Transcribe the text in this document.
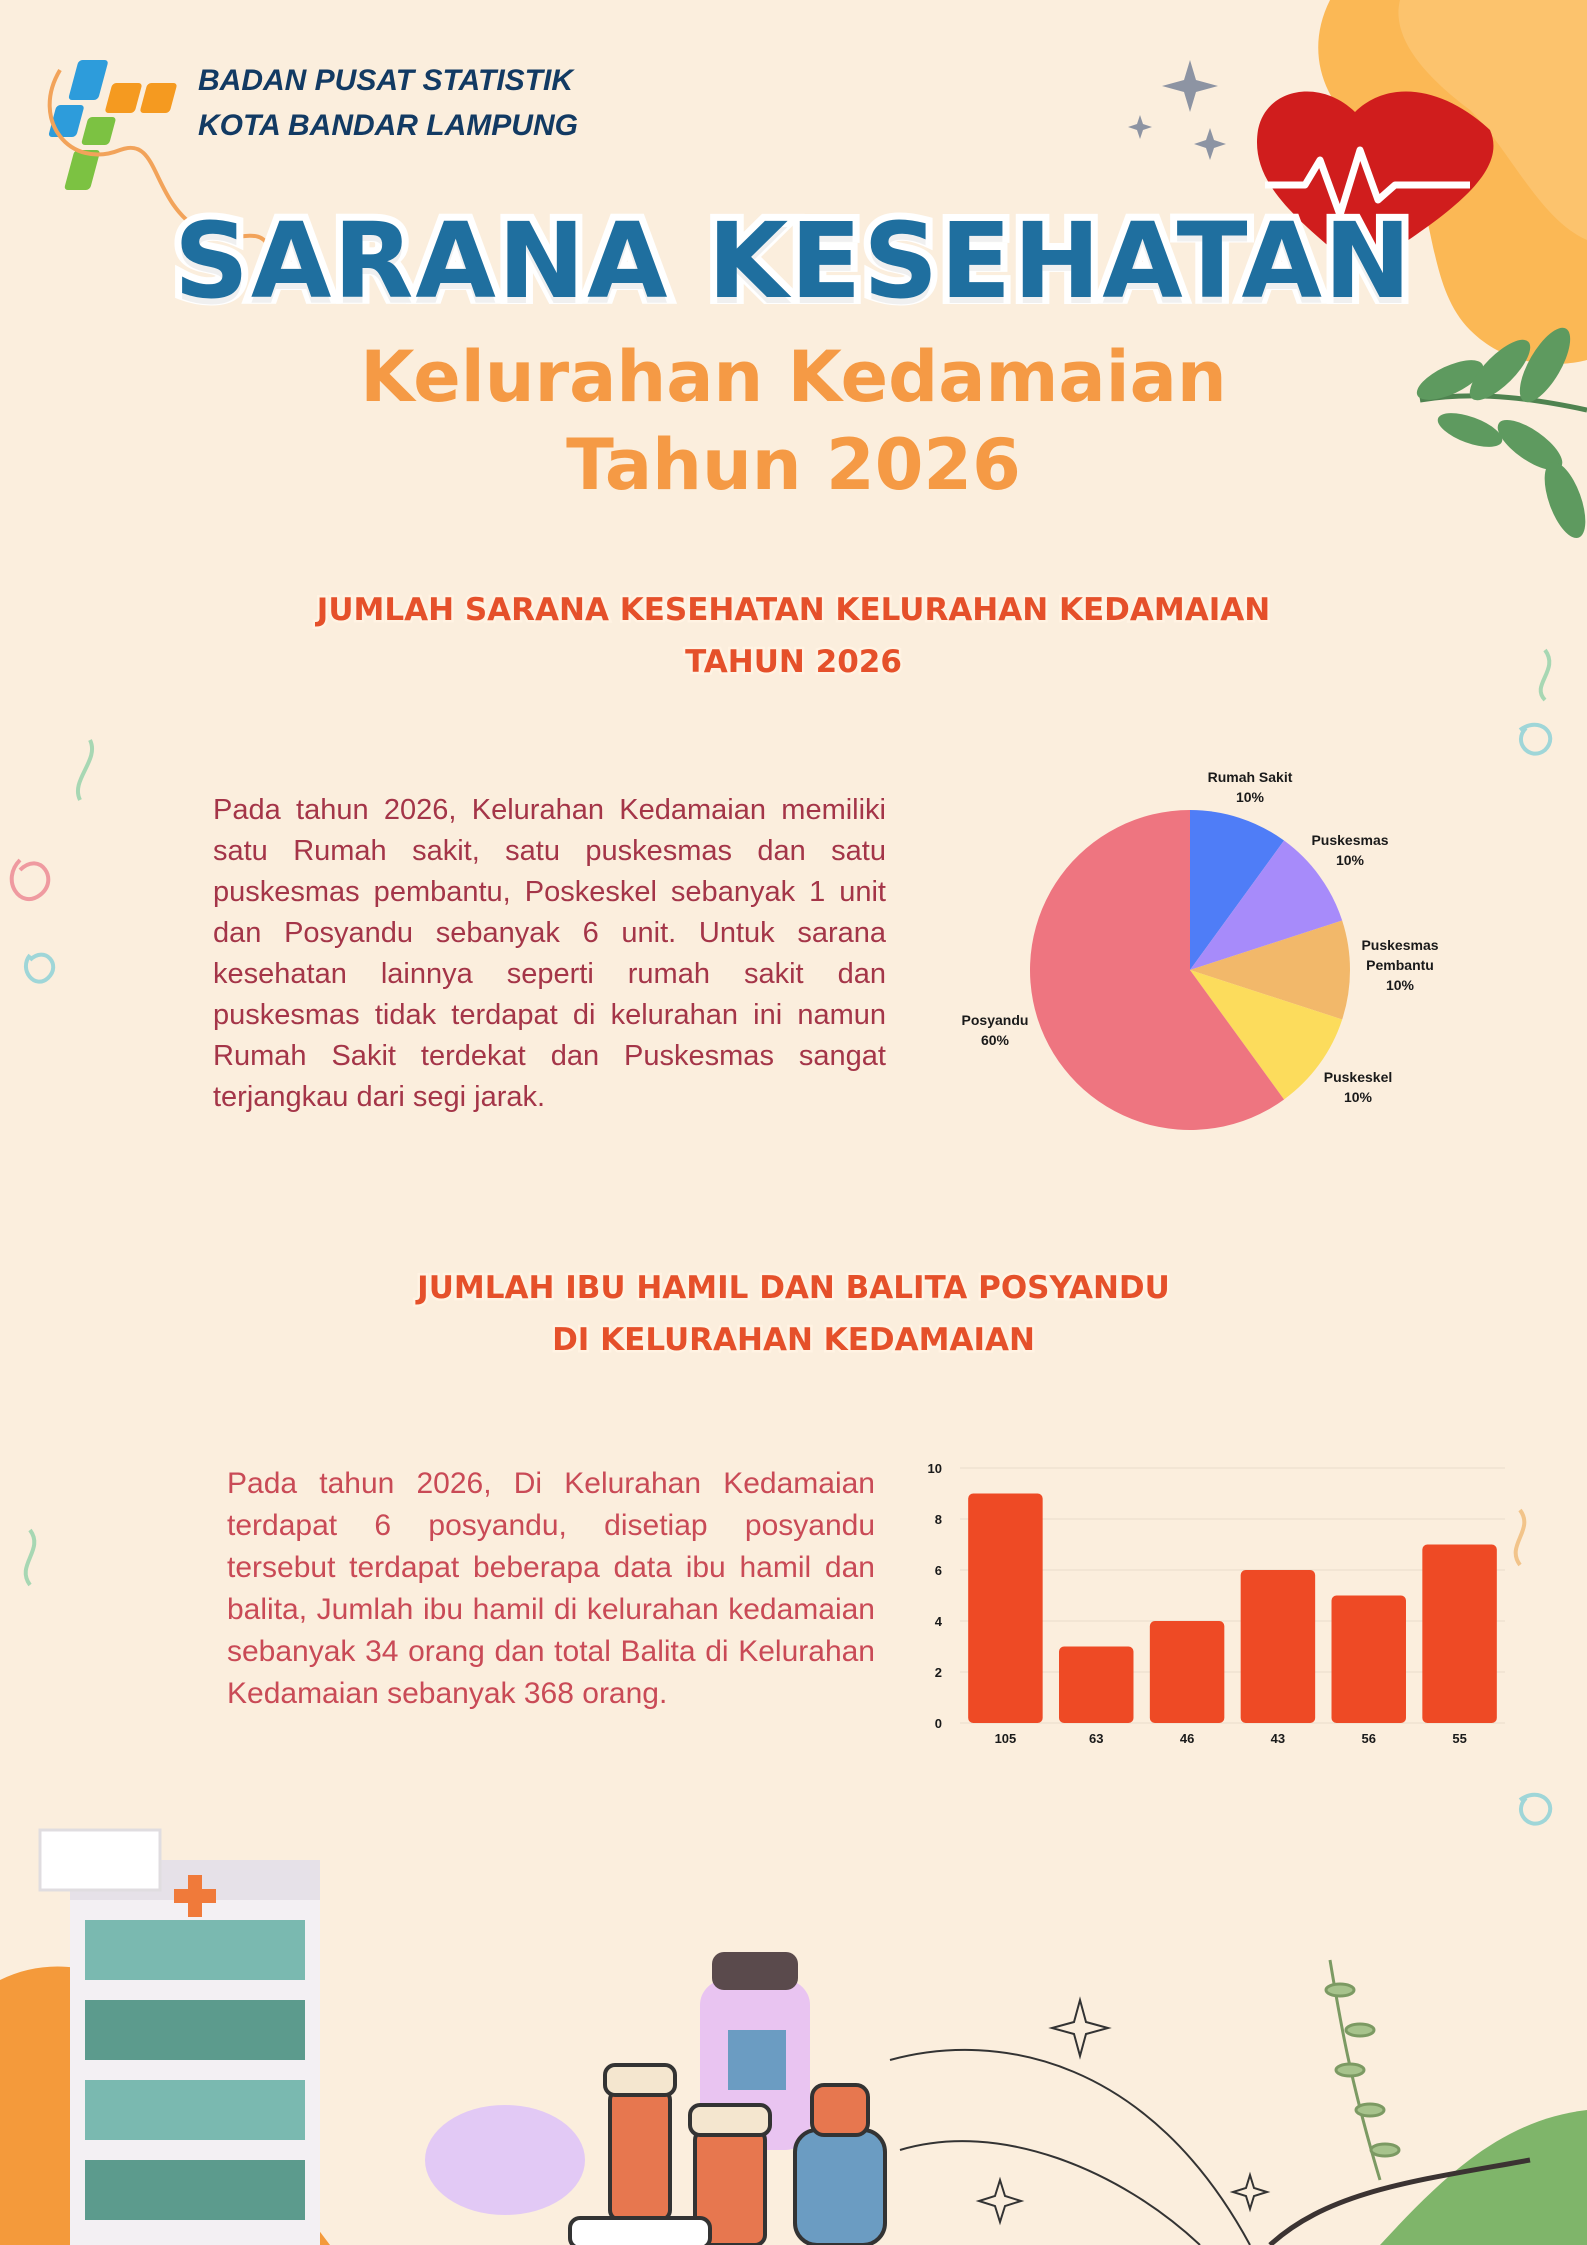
BADAN PUSAT STATISTIK
KOTA BANDAR LAMPUNG
SARANA KESEHATAN
Kelurahan Kedamaian
Tahun 2026
JUMLAH SARANA KESEHATAN KELURAHAN KEDAMAIAN
TAHUN 2026
Pada tahun 2026, Kelurahan Kedamaian memiliki satu Rumah sakit, satu puskesmas dan satu puskesmas pembantu, Poskeskel sebanyak 1 unit dan Posyandu sebanyak 6 unit. Untuk sarana kesehatan lainnya seperti rumah sakit dan puskesmas tidak terdapat di kelurahan ini namun Rumah Sakit terdekat dan Puskesmas sangat terjangkau dari segi jarak.
Rumah Sakit
10%
Puskesmas
10%
Puskesmas
Pembantu
10%
Puskeskel
10%
Posyandu
60%
JUMLAH IBU HAMIL DAN BALITA POSYANDU
DI KELURAHAN KEDAMAIAN
Pada tahun 2026, Di Kelurahan Kedamaian terdapat 6 posyandu, disetiap posyandu tersebut terdapat beberapa data ibu hamil dan balita, Jumlah ibu hamil di kelurahan kedamaian sebanyak 34 orang dan total Balita di Kelurahan Kedamaian sebanyak 368 orang.
0
2
4
6
8
10
105	63	46	43	56	55
